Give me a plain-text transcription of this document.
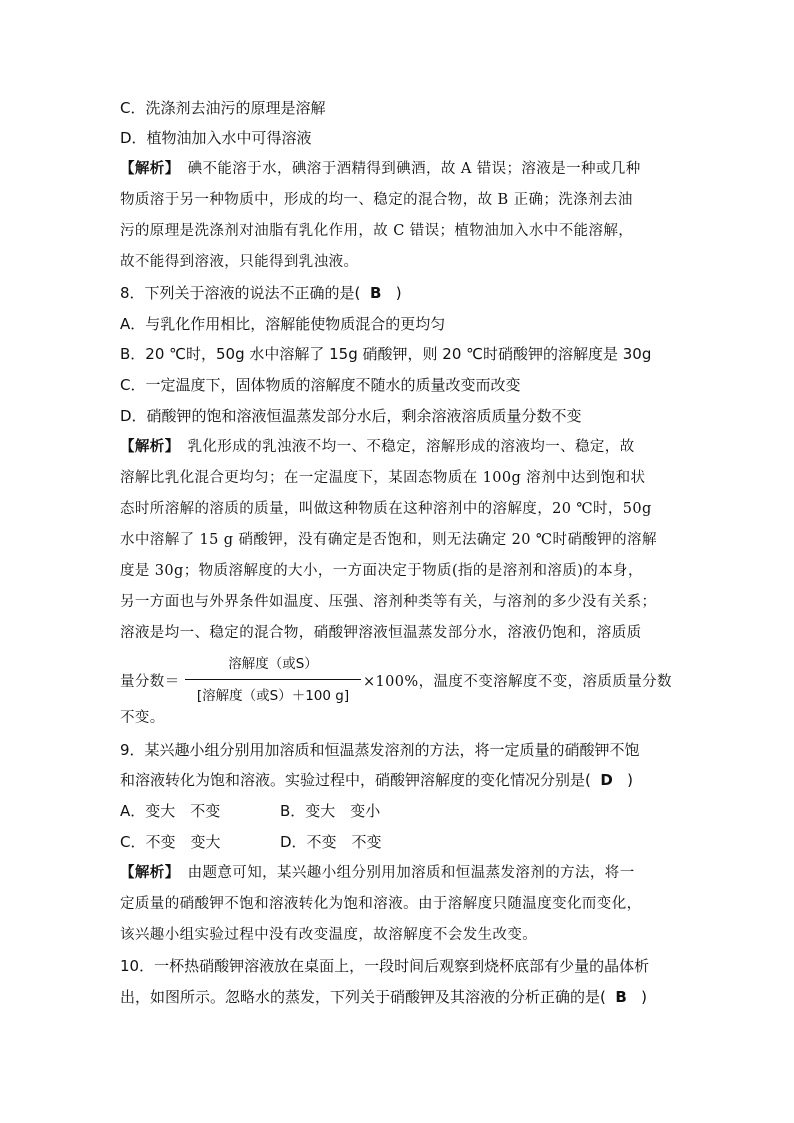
C．洗涤剂去油污的原理是溶解
D．植物油加入水中可得溶液
【解析】 碘不能溶于水，碘溶于酒精得到碘酒，故 A 错误；溶液是一种或几种
物质溶于另一种物质中，形成的均一、稳定的混合物，故 B 正确；洗涤剂去油
污的原理是洗涤剂对油脂有乳化作用，故 C 错误；植物油加入水中不能溶解，
故不能得到溶液，只能得到乳浊液。
8．下列关于溶液的说法不正确的是( B )
A．与乳化作用相比，溶解能使物质混合的更均匀
B．20 ℃时，50g 水中溶解了 15g 硝酸钾，则 20 ℃时硝酸钾的溶解度是 30g
C．一定温度下，固体物质的溶解度不随水的质量改变而改变
D．硝酸钾的饱和溶液恒温蒸发部分水后，剩余溶液溶质质量分数不变
【解析】 乳化形成的乳浊液不均一、不稳定，溶解形成的溶液均一、稳定，故
溶解比乳化混合更均匀；在一定温度下，某固态物质在 100g 溶剂中达到饱和状
态时所溶解的溶质的质量，叫做这种物质在这种溶剂中的溶解度，20 ℃时，50g
水中溶解了 15 g 硝酸钾，没有确定是否饱和，则无法确定 20 ℃时硝酸钾的溶解
度是 30g；物质溶解度的大小，一方面决定于物质(指的是溶剂和溶质)的本身，
另一方面也与外界条件如温度、压强、溶剂种类等有关，与溶剂的多少没有关系；
溶液是均一、稳定的混合物，硝酸钾溶液恒温蒸发部分水，溶液仍饱和，溶质质
量分数＝
溶解度（或S）
[溶解度（或S）＋100 g]
×100%，温度不变溶解度不变，溶质质量分数
不变。
9．某兴趣小组分别用加溶质和恒温蒸发溶剂的方法，将一定质量的硝酸钾不饱
和溶液转化为饱和溶液。实验过程中，硝酸钾溶解度的变化情况分别是( D )
A．变大　不变	B．变大　变小
C．不变　变大	D．不变　不变
【解析】 由题意可知，某兴趣小组分别用加溶质和恒温蒸发溶剂的方法，将一
定质量的硝酸钾不饱和溶液转化为饱和溶液。由于溶解度只随温度变化而变化，
该兴趣小组实验过程中没有改变温度，故溶解度不会发生改变。
10．一杯热硝酸钾溶液放在桌面上，一段时间后观察到烧杯底部有少量的晶体析
出，如图所示。忽略水的蒸发，下列关于硝酸钾及其溶液的分析正确的是( B )
